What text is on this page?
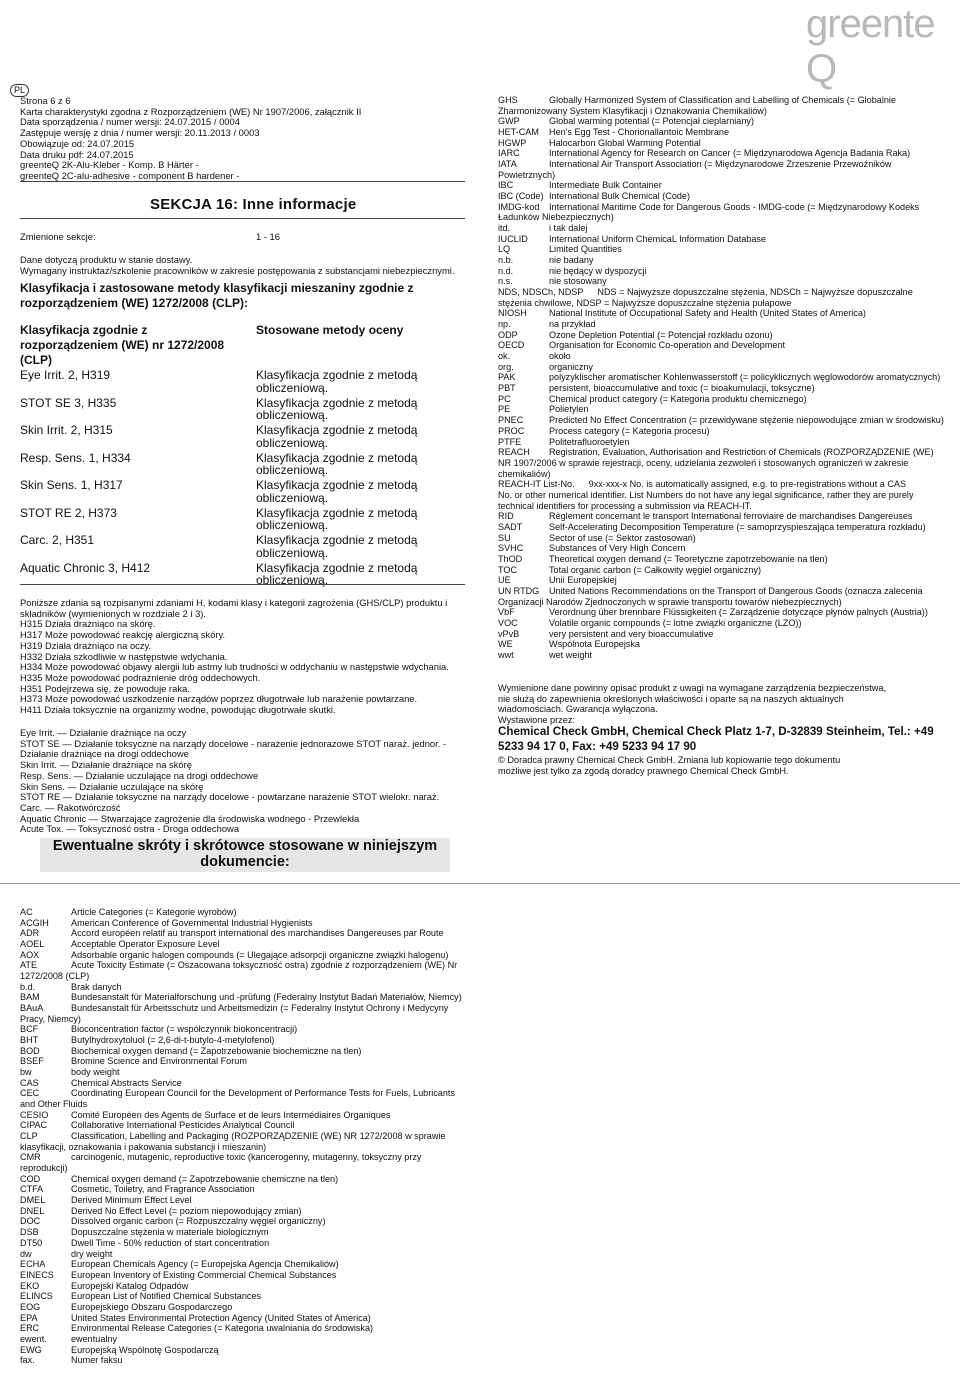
greenteQ
PL
Strona 6 z 6
Karta charakterystyki zgodna z Rozporządzeniem (WE) Nr 1907/2006, załącznik II
Data sporządzenia / numer wersji: 24.07.2015 / 0004
Zastępuje wersję z dnia / numer wersji: 20.11.2013 / 0003
Obowiązuje od: 24.07.2015
Data druku pdf: 24.07.2015
greenteQ 2K-Alu-Kleber - Komp. B Härter -
greenteQ 2C-alu-adhesive - component B hardener -
SEKCJA 16: Inne informacje
Zmienione sekcje:	1 - 16
Dane dotyczą produktu w stanie dostawy.
Wymagany instruktaż/szkolenie pracowników w zakresie postępowania z substancjami niebezpiecznymi.
Klasyfikacja i zastosowane metody klasyfikacji mieszaniny zgodnie z rozporządzeniem (WE) 1272/2008 (CLP):
Klasyfikacja zgodnie z rozporządzeniem (WE) nr 1272/2008 (CLP)
Stosowane metody oceny
Eye Irrit. 2, H319	Klasyfikacja zgodnie z metodą obliczeniową.
STOT SE 3, H335	Klasyfikacja zgodnie z metodą obliczeniową.
Skin Irrit. 2, H315	Klasyfikacja zgodnie z metodą obliczeniową.
Resp. Sens. 1, H334	Klasyfikacja zgodnie z metodą obliczeniową.
Skin Sens. 1, H317	Klasyfikacja zgodnie z metodą obliczeniową.
STOT RE 2, H373	Klasyfikacja zgodnie z metodą obliczeniową.
Carc. 2, H351	Klasyfikacja zgodnie z metodą obliczeniową.
Aquatic Chronic 3, H412	Klasyfikacja zgodnie z metodą obliczeniową.
Poniższe zdania są rozpisanymi zdaniami H, kodami klasy i kategorii zagrożenia (GHS/CLP) produktu i
składników (wymienionych w rozdziale 2 i 3).
H315 Działa drażniąco na skórę.
H317 Może powodować reakcję alergiczną skóry.
H319 Działa drażniąco na oczy.
H332 Działa szkodliwie w następstwie wdychania.
H334 Może powodować objawy alergii lub astmy lub trudności w oddychaniu w następstwie wdychania.
H335 Może powodować podrażnienie dróg oddechowych.
H351 Podejrzewa się, że powoduje raka.
H373 Może powodować uszkodzenie narządów poprzez długotrwałe lub narażenie powtarzane.
H411 Działa toksycznie na organizmy wodne, powodując długotrwałe skutki.
Eye Irrit. — Działanie drażniące na oczy
STOT SE — Działanie toksyczne na narządy docelowe - narażenie jednorazowe STOT naraż. jednor. -
Działanie drażniące na drogi oddechowe
Skin Irrit. — Działanie drażniące na skórę
Resp. Sens. — Działanie uczulające na drogi oddechowe
Skin Sens. — Działanie uczulające na skórę
STOT RE — Działanie toksyczne na narządy docelowe - powtarzane narażenie STOT wielokr. naraż.
Carc. — Rakotwórczość
Aquatic Chronic — Stwarzające zagrożenie dla środowiska wodnego - Przewlekła
Acute Tox. — Toksyczność ostra - Droga oddechowa
Ewentualne skróty i skrótowce stosowane w niniejszym dokumencie:
GHS	Globally Harmonized System of Classification and Labelling of Chemicals (= Globalnie
Zharmonizowany System Klasyfikacji i Oznakowania Chemikaliów)
GWP	Global warming potential (= Potencjał cieplarniany)
HET-CAM Hen's Egg Test - Chorionallantoic Membrane
HGWP Halocarbon Global Warming Potential
IARC	International Agency for Research on Cancer (= Międzynarodowa Agencja Badania Raka)
IATA	International Air Transport Association (= Międzynarodowe Zrzeszenie Przewoźników
Powietrznych)
IBC	Intermediate Bulk Container
IBC (Code) International Bulk Chemical (Code)
IMDG-kod International Maritime Code for Dangerous Goods - IMDG-code (= Międzynarodowy Kodeks
Ładunków Niebezpiecznych)
itd.	i tak dalej
IUCLID International Uniform ChemicaL Information Database
LQ	Limited Quantities
n.b.	nie badany
n.d.	nie będący w dyspozycji
n.s.	nie stosowany
NDS, NDSCh, NDSP NDS = Najwyższe dopuszczalne stężenia, NDSCh = Najwyższe dopuszczalne
stężenia chwilowe, NDSP = Najwyższe dopuszczalne stężenia pułapowe
NIOSH National Institute of Occupational Safety and Health (United States of America)
np.	na przykład
ODP	Ozone Depletion Potential (= Potencjał rozkładu ozonu)
OECD	Organisation for Economic Co-operation and Development
ok.	około
org.	organiczny
PAK	polyzyklischer aromatischer Kohlenwasserstoff (= policyklicznych węglowodorów aromatycznych)
PBT	persistent, bioaccumulative and toxic (= bioakumulacji, toksyczne)
PC	Chemical product category (= Kategoria produktu chemicznego)
PE	Polietylen
PNEC	Predicted No Effect Concentration (= przewidywane stężenie niepowodujące zmian w środowisku)
PROC	Process category (= Kategoria procesu)
PTFE	Politetrafluoroetylen
REACH Registration, Evaluation, Authorisation and Restriction of Chemicals (ROZPORZĄDZENIE (WE)
NR 1907/2006 w sprawie rejestracji, oceny, udzielania zezwoleń i stosowanych ograniczeń w zakresie
chemikaliów)
REACH-IT List-No. 9xx-xxx-x No. is automatically assigned, e.g. to pre-registrations without a CAS
No. or other numerical identifier. List Numbers do not have any legal significance, rather they are purely
technical identifiers for processing a submission via REACH-IT.
RID	Règlement concernant le transport International ferroviaire de marchandises Dangereuses
SADT	Self-Accelerating Decomposition Temperature (= samoprzyspieszająca temperatura rozkładu)
SU	Sector of use (= Sektor zastosowań)
SVHC	Substances of Very High Concern
ThOD	Theoretical oxygen demand (= Teoretyczne zapotrzebowanie na tlen)
TOC	Total organic carbon (= Całkowity węgiel organiczny)
UE	Unii Europejskiej
UN RTDG United Nations Recommendations on the Transport of Dangerous Goods (oznacza zalecenia
Organizacji Narodów Zjednoczonych w sprawie transportu towarów niebezpiecznych)
VbF	Verordnung über brennbare Flüssigkeiten (= Zarządzenie dotyczące płynów palnych (Austria))
VOC	Volatile organic compounds (= lotne związki organiczne (LZO))
vPvB	very persistent and very bioaccumulative
WE	Wspólnota Europejska
wwt	wet weight
Wymienione dane powinny opisać produkt z uwagi na wymagane zarządzenia bezpieczeństwa,
nie służą do zapewnienia określonych właściwości i oparte są na naszych aktualnych
wiadomościach. Gwarancja wyłączona.
Wystawione przez:
Chemical Check GmbH, Chemical Check Platz 1-7, D-32839 Steinheim, Tel.: +49 5233 94 17 0, Fax: +49 5233 94 17 90
© Doradca prawny Chemical Check GmbH. Zmiana lub kopiowanie tego dokumentu
możliwe jest tylko za zgodą doradcy prawnego Chemical Check GmbH.
AC	Article Categories (= Kategorie wyrobów)
ACGIH American Conference of Governmental Industrial Hygienists
ADR	Accord européen relatif au transport international des marchandises Dangereuses par Route
AOEL	Acceptable Operator Exposure Level
AOX	Adsorbable organic halogen compounds (= Ulegające adsorpcji organiczne związki halogenu)
ATE	Acute Toxicity Estimate (= Oszacowana toksyczność ostra) zgodnie z rozporządzeniem (WE) Nr
1272/2008 (CLP)
b.d.	Brak danych
BAM	Bundesanstalt für Materialforschung und -prüfung (Federalny Instytut Badań Materiałów, Niemcy)
BAuA	Bundesanstalt für Arbeitsschutz und Arbeitsmedizin (= Federalny Instytut Ochrony i Medycyny
Pracy, Niemcy)
BCF	Bioconcentration factor (= współczynnik biokoncentracji)
BHT	Butylhydroxytoluol (= 2,6-di-t-butylo-4-metylofenol)
BOD	Biochemical oxygen demand (= Zapotrzebowanie biochemiczne na tlen)
BSEF	Bromine Science and Environmental Forum
bw	body weight
CAS	Chemical Abstracts Service
CEC	Coordinating European Council for the Development of Performance Tests for Fuels, Lubricants
and Other Fluids
CESIO Comité Européen des Agents de Surface et de leurs Intermédiaires Organiques
CIPAC	Collaborative International Pesticides Analytical Council
CLP	Classification, Labelling and Packaging (ROZPORZĄDZENIE (WE) NR 1272/2008 w sprawie
klasyfikacji, oznakowania i pakowania substancji i mieszanin)
CMR	carcinogenic, mutagenic, reproductive toxic (kancerogenny, mutagenny, toksyczny przy
reprodukcji)
COD	Chemical oxygen demand (= Zapotrzebowanie chemiczne na tlen)
CTFA	Cosmetic, Toiletry, and Fragrance Association
DMEL	Derived Minimum Effect Level
DNEL	Derived No Effect Level (= poziom niepowodujący zmian)
DOC	Dissolved organic carbon (= Rozpuszczalny węgiel organiczny)
DSB	Dopuszczalne stężenia w materiale biologicznym
DT50	Dwell Time - 50% reduction of start concentration
dw	dry weight
ECHA	European Chemicals Agency (= Europejska Agencja Chemikaliów)
EINECS European Inventory of Existing Commercial Chemical Substances
EKO	Europejski Katalog Odpadów
ELINCS European List of Notified Chemical Substances
EOG	Europejskiego Obszaru Gospodarczego
EPA	United States Environmental Protection Agency (United States of America)
ERC	Environmental Release Categories (= Kategoria uwalniania do środowiska)
ewent.	ewentualny
EWG	Europejską Wspólnotę Gospodarczą
fax.	Numer faksu
